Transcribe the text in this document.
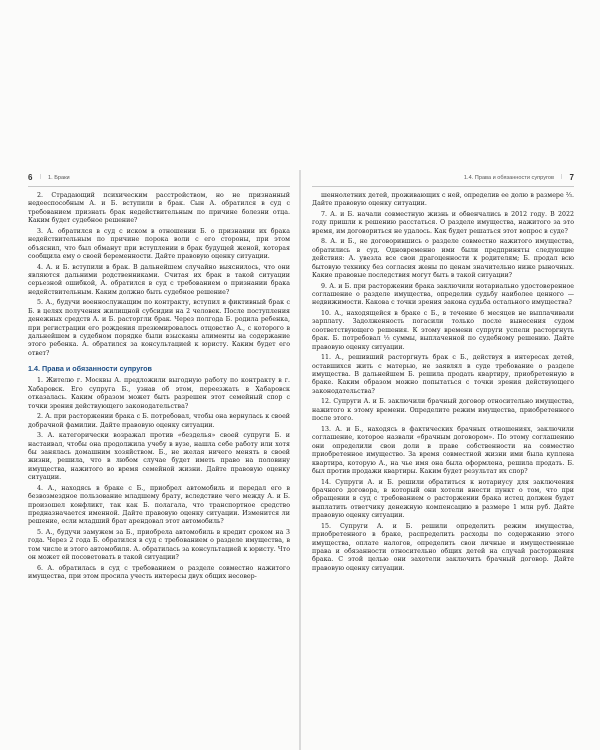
6 | 1. Браки

2. Страдающий психическим расстройством, но не признанный недееспособным А. и Б. вступили в брак. Сын А. обратился в суд с требованием признать брак недействительным по причине болезни отца. Каким будет судебное решение?

3. А. обратился в суд с иском в отношении Б. о признании их брака недействительным по причине порока воли с его стороны, при этом объяснил, что был обманут при вступлении в брак будущей женой, которая сообщила ему о своей беременности. Дайте правовую оценку ситуации.

4. А. и Б. вступили в брак. В дальнейшем случайно выяснилось, что они являются дальними родственниками. Считая их брак в такой ситуации серьезной ошибкой, А. обратился в суд с требованием о признании брака недействительным. Каким должно быть судебное решение?

5. А., будучи военнослужащим по контракту, вступил в фиктивный брак с Б. в целях получения жилищной субсидии на 2 человек. После поступления денежных средств А. и Б. расторгли брак. Через полгода Б. родила ребенка, при регистрации его рождения презюмировалось отцовство А., с которого в дальнейшем в судебном порядке были взысканы алименты на содержание этого ребенка. А. обратился за консультацией к юристу. Каким будет его ответ?

1.4. Права и обязанности супругов

1. Жителю г. Москвы А. предложили выгодную работу по контракту в г. Хабаровск. Его супруга Б., узнав об этом, переезжать в Хабаровск отказалась. Каким образом может быть разрешен этот семейный спор с точки зрения действующего законодательства?

2. А. при расторжении брака с Б. потребовал, чтобы она вернулась к своей добрачной фамилии. Дайте правовую оценку ситуации.

3. А. категорически возражал против «безделья» своей супруги Б. и настаивал, чтобы она продолжила учебу в вузе, нашла себе работу или хотя бы занялась домашним хозяйством. Б., не желая ничего менять в своей жизни, решила, что в любом случае будет иметь право на половину имущества, нажитого во время семейной жизни. Дайте правовую оценку ситуации.

4. А., находясь в браке с Б., приобрел автомобиль и передал его в безвозмездное пользование младшему брату, вследствие чего между А. и Б. произошел конфликт, так как Б. полагала, что транспортное средство предназначается именной. Дайте правовую оценку ситуации. Изменится ли решение, если младший брат арендовал этот автомобиль?

5. А., будучи замужем за Б., приобрела автомобиль в кредит сроком на 3 года. Через 2 года Б. обратился в суд с требованием о разделе имущества, в том числе и этого автомобиля. А. обратилась за консультацией к юристу. Что он может ей посоветовать в такой ситуации?

6. А. обратилась в суд с требованием о разделе совместно нажитого имущества, при этом просила учесть интересы двух общих несовер-

1.4. Права и обязанности супругов | 7

шеннолетних детей, проживающих с ней, определив ее долю в размере ⅔. Дайте правовую оценку ситуации.

7. А. и Б. начали совместную жизнь и обвенчались в 2012 году. В 2022 году пришли к решению расстаться. О разделе имущества, нажитого за это время, им договориться не удалось. Как будет решаться этот вопрос в суде?

8. А. и Б., не договорившись о разделе совместно нажитого имущества, обратились в суд. Одновременно ими были предприняты следующие действия: А. увезла все свои драгоценности к родителям; Б. продал всю бытовую технику без согласия жены по ценам значительно ниже рыночных. Какие правовые последствия могут быть в такой ситуации?

9. А. и Б. при расторжении брака заключили нотариально удостоверенное соглашение о разделе имущества, определив судьбу наиболее ценного — недвижимости. Какова с точки зрения закона судьба остального имущества?

10. А., находящейся в браке с Б., в течение 6 месяцев не выплачивали зарплату. Задолженность погасили только после вынесения судом соответствующего решения. К этому времени супруги успели расторгнуть брак. Б. потребовал ⅓ суммы, выплаченной по судебному решению. Дайте правовую оценку ситуации.

11. А., решивший расторгнуть брак с Б., действуя в интересах детей, оставшихся жить с матерью, не заявлял в суде требование о разделе имущества. В дальнейшем Б. решила продать квартиру, приобретенную в браке. Каким образом можно попытаться с точки зрения действующего законодательства?

12. Супруги А. и Б. заключили брачный договор относительно имущества, нажитого к этому времени. Определите режим имущества, приобретенного после этого.

13. А. и Б., находясь в фактических брачных отношениях, заключили соглашение, которое назвали «брачным договором». По этому соглашению они определили свои доли в праве собственности на совместно приобретенное имущество. За время совместной жизни ими была куплена квартира, которую А., на чье имя она была оформлена, решила продать. Б. был против продажи квартиры. Каким будет результат их спор?

14. Супруги А. и Б. решили обратиться к нотариусу для заключения брачного договора, в который они хотели внести пункт о том, что при обращении в суд с требованием о расторжении брака истец должен будет выплатить ответчику денежную компенсацию в размере 1 млн руб. Дайте правовую оценку ситуации.

15. Супруги А. и Б. решили определить режим имущества, приобретенного в браке, распределить расходы по содержанию этого имущества, оплате налогов, определить свои личные и имущественные права и обязанности относительно общих детей на случай расторжения брака. С этой целью они захотели заключить брачный договор. Дайте правовую оценку ситуации.
